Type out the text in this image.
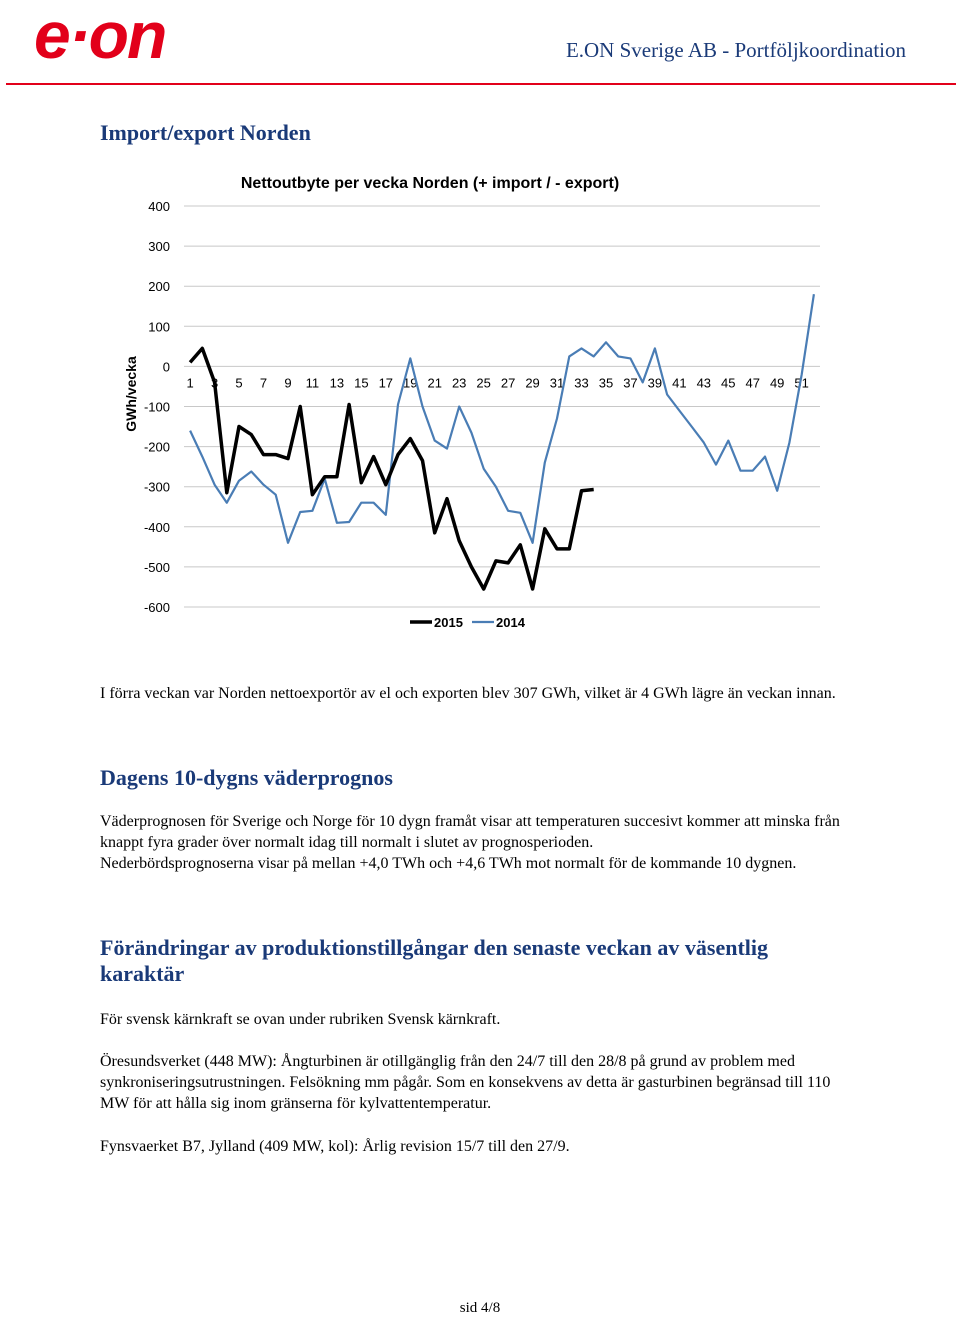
e·on	E.ON Sverige AB - Portföljkoordination
Import/export Norden
Nettoutbyte per vecka Norden (+ import / - export)
GWh/vecka
400
300
200
100
0
-100
-200
-300
-400
-500
-600
1 3 5 7 9 11 13 15 17 19 21 23 25 27 29 31 33 35 37 39 41 43 45 47 49 51
2015	2014
I förra veckan var Norden nettoexportör av el och exporten blev 307 GWh, vilket är 4 GWh lägre än veckan innan.
Dagens 10-dygns väderprognos
Väderprognosen för Sverige och Norge för 10 dygn framåt visar att temperaturen succesivt kommer att minska från knappt fyra grader över normalt idag till normalt i slutet av prognosperioden.
Nederbördsprognoserna visar på mellan +4,0 TWh och +4,6 TWh mot normalt för de kommande 10 dygnen.
Förändringar av produktionstillgångar den senaste veckan av väsentlig karaktär
För svensk kärnkraft se ovan under rubriken Svensk kärnkraft.
Öresundsverket (448 MW): Ångturbinen är otillgänglig från den 24/7 till den 28/8 på grund av problem med synkroniseringsutrustningen. Felsökning mm pågår. Som en konsekvens av detta är gasturbinen begränsad till 110 MW för att hålla sig inom gränserna för kylvattentemperatur.
Fynsvaerket B7, Jylland (409 MW, kol): Årlig revision 15/7 till den 27/9.
sid 4/8
